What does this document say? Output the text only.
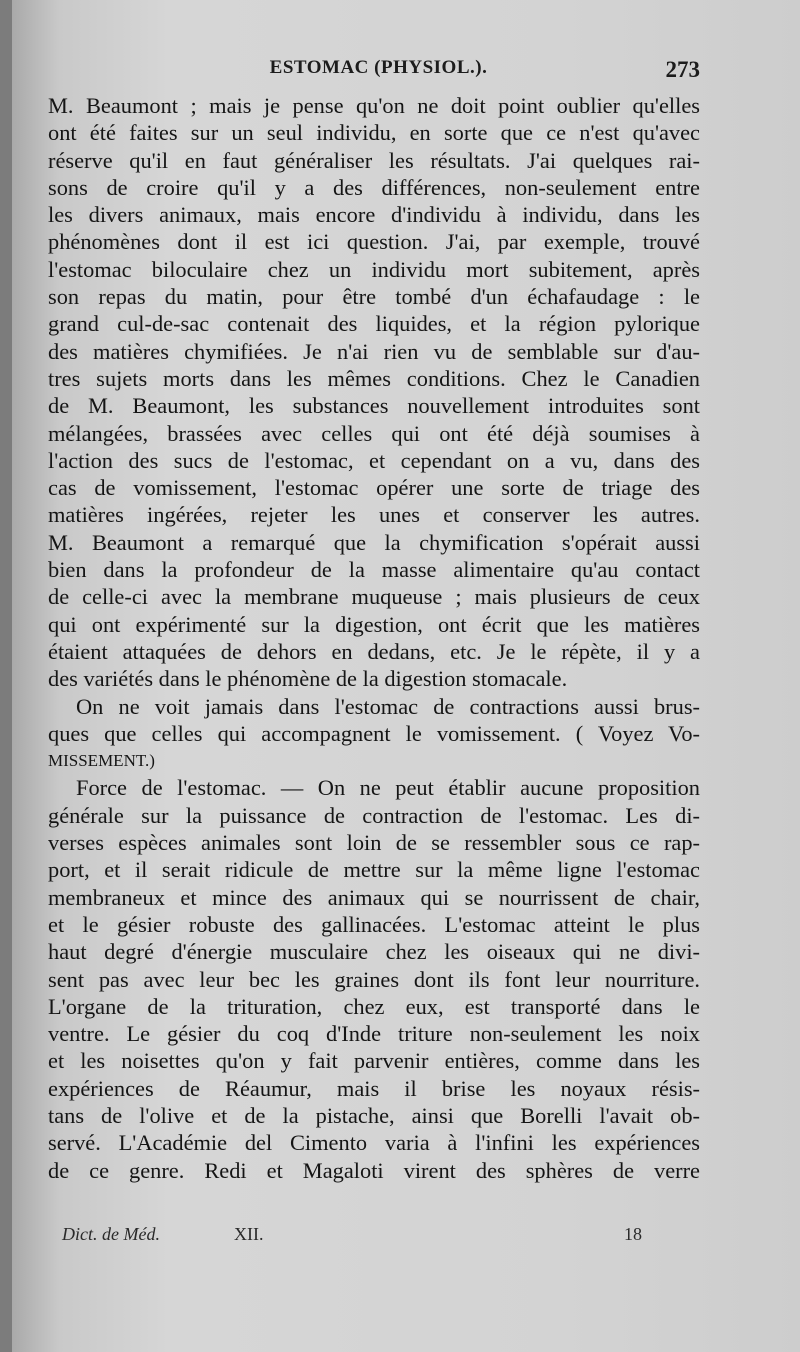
ESTOMAC (PHYSIOL.).	273
M. Beaumont ; mais je pense qu'on ne doit point oublier qu'elles
ont été faites sur un seul individu, en sorte que ce n'est qu'avec
réserve qu'il en faut généraliser les résultats. J'ai quelques rai-
sons de croire qu'il y a des différences, non-seulement entre
les divers animaux, mais encore d'individu à individu, dans les
phénomènes dont il est ici question. J'ai, par exemple, trouvé
l'estomac biloculaire chez un individu mort subitement, après
son repas du matin, pour être tombé d'un échafaudage : le
grand cul-de-sac contenait des liquides, et la région pylorique
des matières chymifiées. Je n'ai rien vu de semblable sur d'au-
tres sujets morts dans les mêmes conditions. Chez le Canadien
de M. Beaumont, les substances nouvellement introduites sont
mélangées, brassées avec celles qui ont été déjà soumises à
l'action des sucs de l'estomac, et cependant on a vu, dans des
cas de vomissement, l'estomac opérer une sorte de triage des
matières ingérées, rejeter les unes et conserver les autres.
M. Beaumont a remarqué que la chymification s'opérait aussi
bien dans la profondeur de la masse alimentaire qu'au contact
de celle-ci avec la membrane muqueuse ; mais plusieurs de ceux
qui ont expérimenté sur la digestion, ont écrit que les matières
étaient attaquées de dehors en dedans, etc. Je le répète, il y a
des variétés dans le phénomène de la digestion stomacale.
On ne voit jamais dans l'estomac de contractions aussi brus-
ques que celles qui accompagnent le vomissement. ( Voyez Vo-
MISSEMENT.)
Force de l'estomac. — On ne peut établir aucune proposition
générale sur la puissance de contraction de l'estomac. Les di-
verses espèces animales sont loin de se ressembler sous ce rap-
port, et il serait ridicule de mettre sur la même ligne l'estomac
membraneux et mince des animaux qui se nourrissent de chair,
et le gésier robuste des gallinacées. L'estomac atteint le plus
haut degré d'énergie musculaire chez les oiseaux qui ne divi-
sent pas avec leur bec les graines dont ils font leur nourriture.
L'organe de la trituration, chez eux, est transporté dans le
ventre. Le gésier du coq d'Inde triture non-seulement les noix
et les noisettes qu'on y fait parvenir entières, comme dans les
expériences de Réaumur, mais il brise les noyaux résis-
tans de l'olive et de la pistache, ainsi que Borelli l'avait ob-
servé. L'Académie del Cimento varia à l'infini les expériences
de ce genre. Redi et Magaloti virent des sphères de verre
Dict. de Méd.	XII.	18
